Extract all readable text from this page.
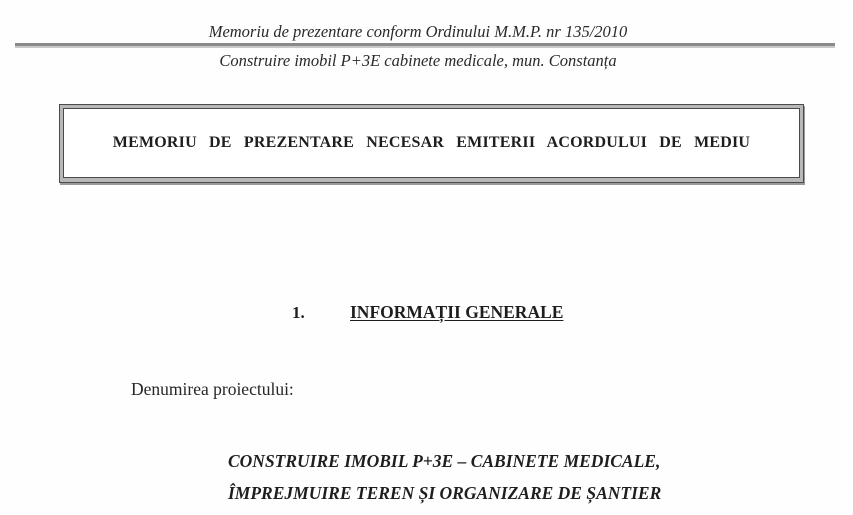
Memoriu de prezentare conform Ordinului M.M.P. nr 135/2010
Construire imobil P+3E cabinete medicale, mun. Constanța
MEMORIU DE PREZENTARE NECESAR EMITERII ACORDULUI DE MEDIU
1.	INFORMAȚII GENERALE
Denumirea proiectului:
CONSTRUIRE IMOBIL P+3E – CABINETE MEDICALE,
ÎMPREJMUIRE TEREN ȘI ORGANIZARE DE ȘANTIER
